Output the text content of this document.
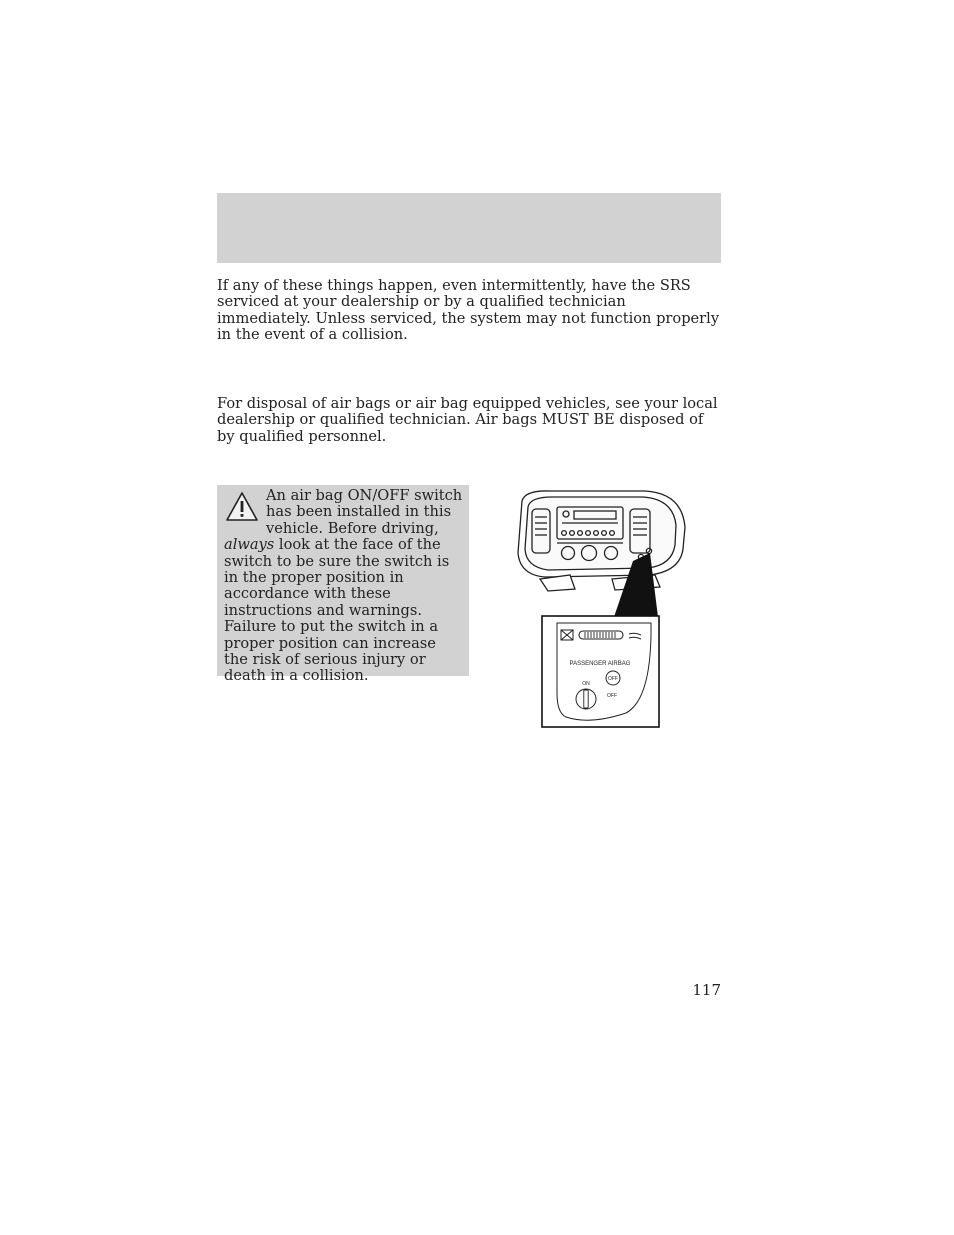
If any of these things happen, even intermittently, have the SRS serviced at your dealership or by a qualified technician immediately. Unless serviced, the system may not function properly in the event of a collision.

For disposal of air bags or air bag equipped vehicles, see your local dealership or qualified technician. Air bags MUST BE disposed of by qualified personnel.

An air bag ON/OFF switch has been installed in this vehicle. Before driving, always look at the face of the switch to be sure the switch is in the proper position in accordance with these instructions and warnings. Failure to put the switch in a proper position can increase the risk of serious injury or death in a collision.
PASSENGER AIRBAG
OFF
ON
OFF
117
